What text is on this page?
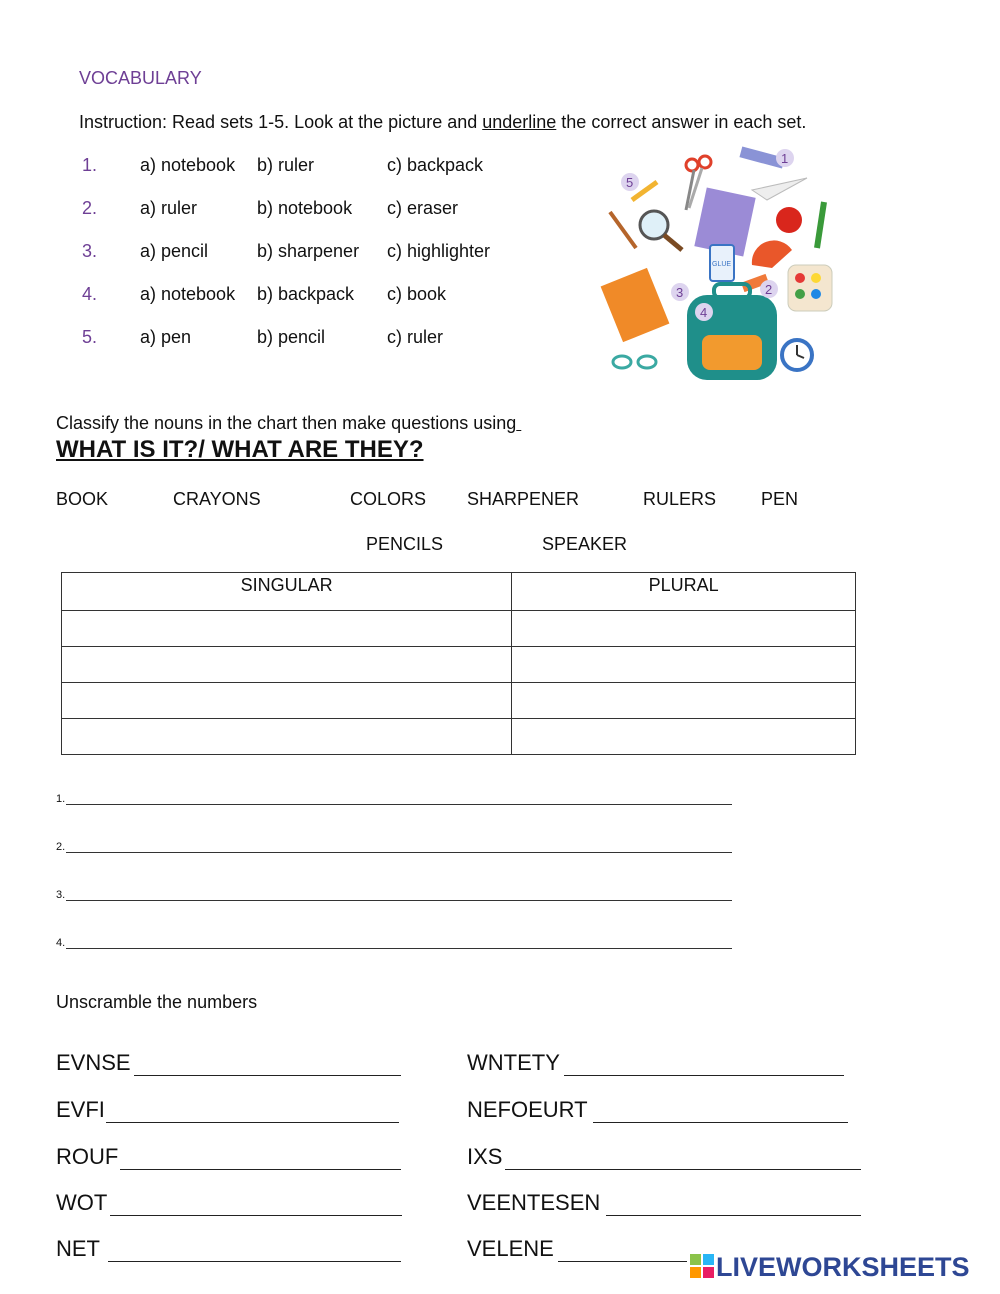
VOCABULARY
Instruction: Read sets 1-5. Look at the picture and underline the correct answer in each set.
1. a) notebook b) ruler	c) backpack
2. a) ruler	b) notebook c) eraser
3. a) pencil	b) sharpener c) highlighter
4. a) notebook b) backpack c) book
5. a) pen	b) pencil	c) ruler
GLUE
1
5
3	2
4
Classify the nouns in the chart then make questions using
WHAT IS IT?/ WHAT ARE THEY?
BOOK	CRAYONS	COLORS SHARPENER	RULERS PEN
PENCILS	SPEAKER
SINGULAR	PLURAL

1.
2.
3.
4.
Unscramble the numbers
EVNSE
EVFI
ROUF
WOT
NET
WNTETY
NEFOEURT
IXS
VEENTESEN
VELENE
LIVEWORKSHEETS
